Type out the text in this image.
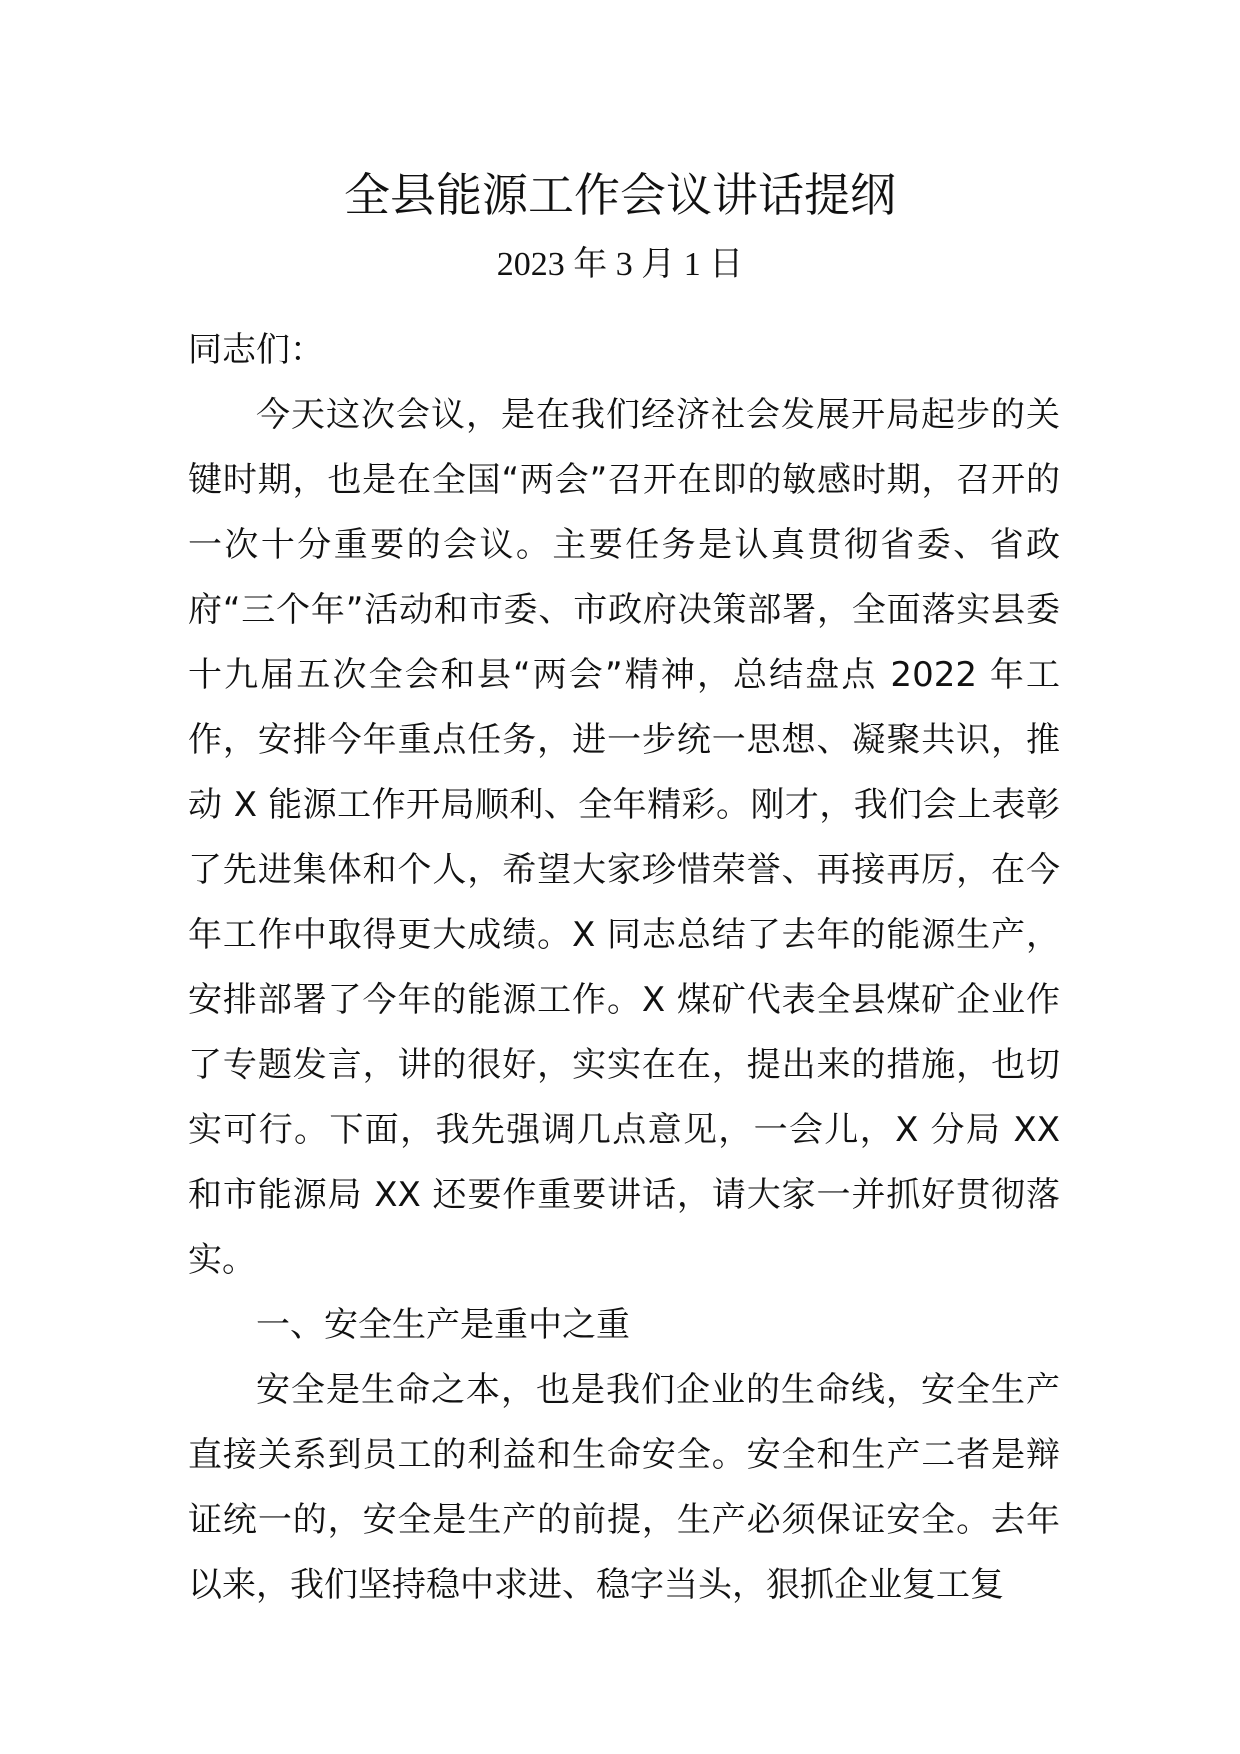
全县能源工作会议讲话提纲
2023 年 3 月 1 日

同志们：

今天这次会议，是在我们经济社会发展开局起步的关键时期，也是在全国“两会”召开在即的敏感时期，召开的一次十分重要的会议。主要任务是认真贯彻省委、省政府“三个年”活动和市委、市政府决策部署，全面落实县委十九届五次全会和县“两会”精神，总结盘点 2022 年工作，安排今年重点任务，进一步统一思想、凝聚共识，推动 X 能源工作开局顺利、全年精彩。刚才，我们会上表彰了先进集体和个人，希望大家珍惜荣誉、再接再厉，在今年工作中取得更大成绩。X 同志总结了去年的能源生产，安排部署了今年的能源工作。X 煤矿代表全县煤矿企业作了专题发言，讲的很好，实实在在，提出来的措施，也切实可行。下面，我先强调几点意见，一会儿，X 分局 XX 和市能源局 XX 还要作重要讲话，请大家一并抓好贯彻落实。

一、安全生产是重中之重

安全是生命之本，也是我们企业的生命线，安全生产直接关系到员工的利益和生命安全。安全和生产二者是辩证统一的，安全是生产的前提，生产必须保证安全。去年以来，我们坚持稳中求进、稳字当头，狠抓企业复工复
